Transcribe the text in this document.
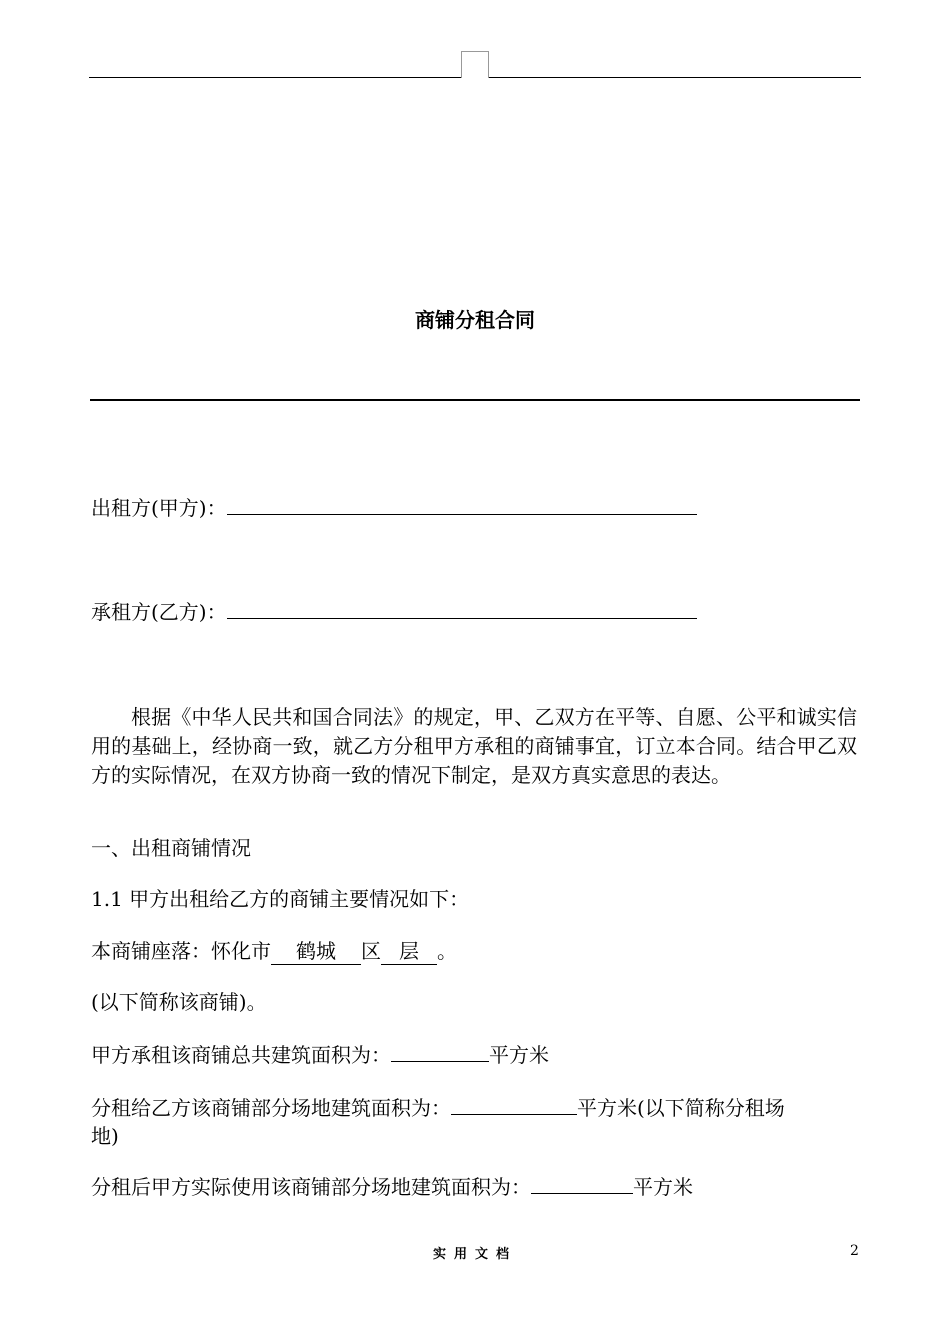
商铺分租合同
出租方(甲方)：
承租方(乙方)：
根据《中华人民共和国合同法》的规定，甲、乙双方在平等、自愿、公平和诚实信用的基础上，经协商一致，就乙方分租甲方承租的商铺事宜，订立本合同。结合甲乙双方的实际情况，在双方协商一致的情况下制定，是双方真实意思的表达。
一、出租商铺情况
1.1 甲方出租给乙方的商铺主要情况如下：
本商铺座落：怀化市 鹤城 区 层 。
(以下简称该商铺)。
甲方承租该商铺总共建筑面积为：	平方米
分租给乙方该商铺部分场地建筑面积为：	平方米(以下简称分租场
地)
分租后甲方实际使用该商铺部分场地建筑面积为：	平方米
实用文档	2
